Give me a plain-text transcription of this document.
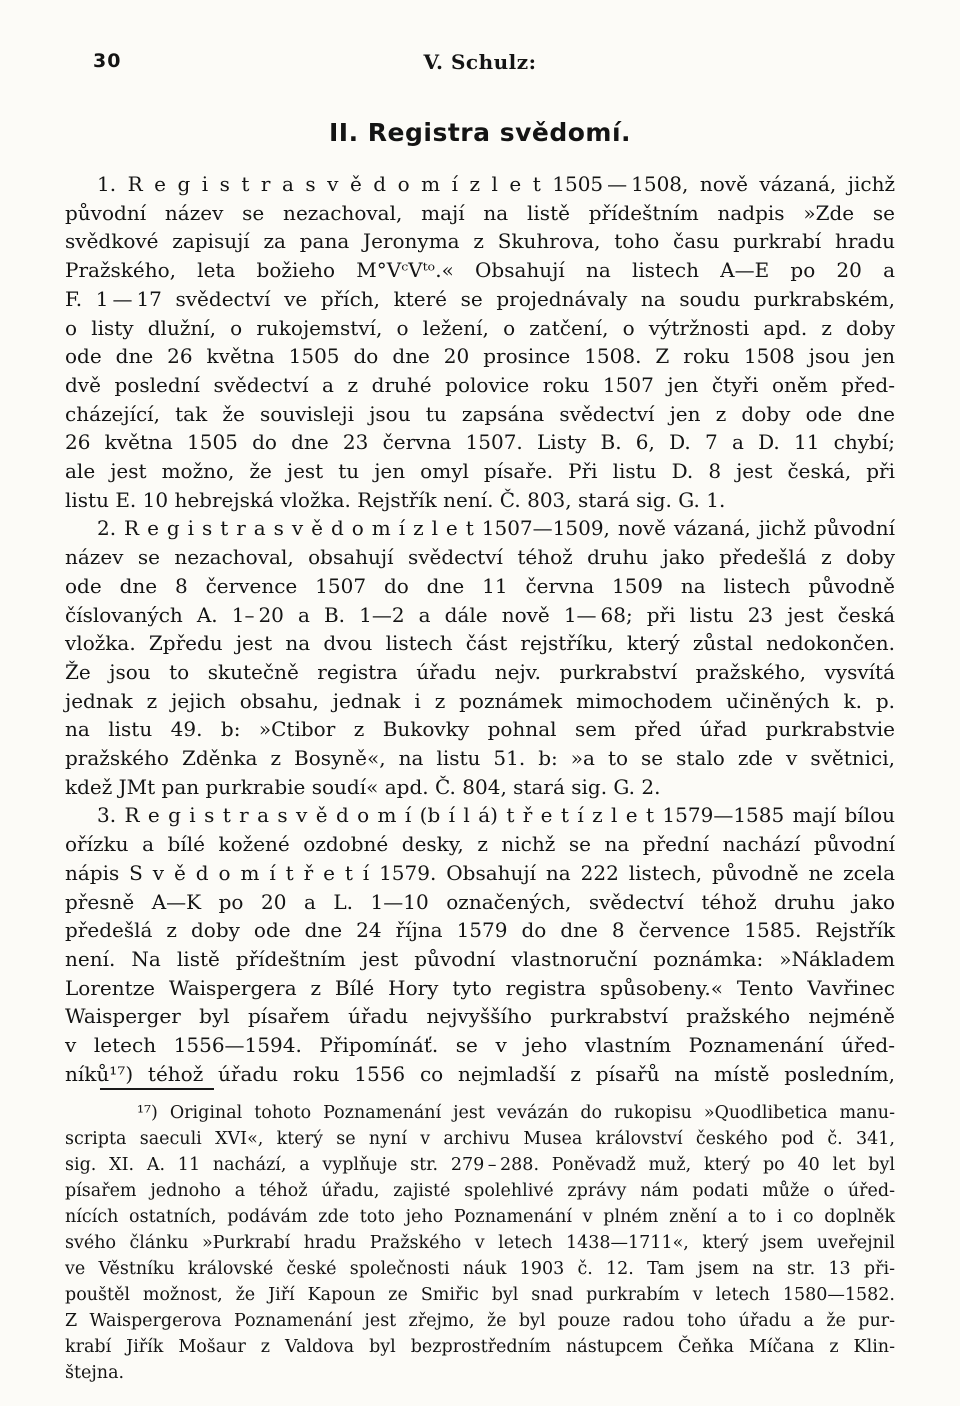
30	V. Schulz:
II. Registra svědomí.
1. R e g i s t r a s v ě d o m í z l e t 1505 — 1508, nově vázaná, jichž
původní název se nezachoval, mají na listě přídeštním nadpis »Zde se
svědkové zapisují za pana Jeronyma z Skuhrova, toho času purkrabí hradu
Pražského, leta božieho M°VᶜVᵗᵒ.« Obsahují na listech A—E po 20 a
F. 1 — 17 svědectví ve přích, které se projednávaly na soudu purkrabském,
o listy dlužní, o rukojemství, o ležení, o zatčení, o výtržnosti apd. z doby
ode dne 26 května 1505 do dne 20 prosince 1508. Z roku 1508 jsou jen
dvě poslední svědectví a z druhé polovice roku 1507 jen čtyři oněm před-
cházející, tak že souvisleji jsou tu zapsána svědectví jen z doby ode dne
26 května 1505 do dne 23 června 1507. Listy B. 6, D. 7 a D. 11 chybí;
ale jest možno, že jest tu jen omyl písaře. Při listu D. 8 jest česká, při
listu E. 10 hebrejská vložka. Rejstřík není. Č. 803, stará sig. G. 1.
2. R e g i s t r a s v ě d o m í z l e t 1507—1509, nově vázaná, jichž původní
název se nezachoval, obsahují svědectví téhož druhu jako předešlá z doby
ode dne 8 července 1507 do dne 11 června 1509 na listech původně
číslovaných A. 1– 20 a B. 1—2 a dále nově 1— 68; při listu 23 jest česká
vložka. Zpředu jest na dvou listech část rejstříku, který zůstal nedokončen.
Že jsou to skutečně registra úřadu nejv. purkrabství pražského, vysvítá
jednak z jejich obsahu, jednak i z poznámek mimochodem učiněných k. p.
na listu 49. b: »Ctibor z Bukovky pohnal sem před úřad purkrabstvie
pražského Zděnka z Bosyně«, na listu 51. b: »a to se stalo zde v světnici,
kdež JMt pan purkrabie soudí« apd. Č. 804, stará sig. G. 2.
3. R e g i s t r a s v ě d o m í (b í l á) t ř e t í z l e t 1579—1585 mají bílou
ořízku a bílé kožené ozdobné desky, z nichž se na přední nachází původní
nápis S v ě d o m í t ř e t í 1579. Obsahují na 222 listech, původně ne zcela
přesně A—K po 20 a L. 1—10 označených, svědectví téhož druhu jako
předešlá z doby ode dne 24 října 1579 do dne 8 července 1585. Rejstřík
není. Na listě přídeštním jest původní vlastnoruční poznámka: »Nákladem
Lorentze Waispergera z Bílé Hory tyto registra spůsobeny.« Tento Vavřinec
Waisperger byl písařem úřadu nejvyššího purkrabství pražského nejméně
v letech 1556—1594. Připomínáť. se v jeho vlastním Poznamenání úřed-
níků¹⁷) téhož úřadu roku 1556 co nejmladší z písařů na místě posledním,
¹⁷) Original tohoto Poznamenání jest vevázán do rukopisu »Quodlibetica manu-
scripta saeculi XVI«, který se nyní v archivu Musea království českého pod č. 341,
sig. XI. A. 11 nachází, a vyplňuje str. 279 – 288. Poněvadž muž, který po 40 let byl
písařem jednoho a téhož úřadu, zajisté spolehlivé zprávy nám podati může o úřed-
nících ostatních, podávám zde toto jeho Poznamenání v plném znění a to i co doplněk
svého článku »Purkrabí hradu Pražského v letech 1438—1711«, který jsem uveřejnil
ve Věstníku královské české společnosti náuk 1903 č. 12. Tam jsem na str. 13 při-
pouštěl možnost, že Jiří Kapoun ze Smiřic byl snad purkrabím v letech 1580—1582.
Z Waispergerova Poznamenání jest zřejmo, že byl pouze radou toho úřadu a že pur-
krabí Jiřík Mošaur z Valdova byl bezprostředním nástupcem Čeňka Míčana z Klin-
štejna.
